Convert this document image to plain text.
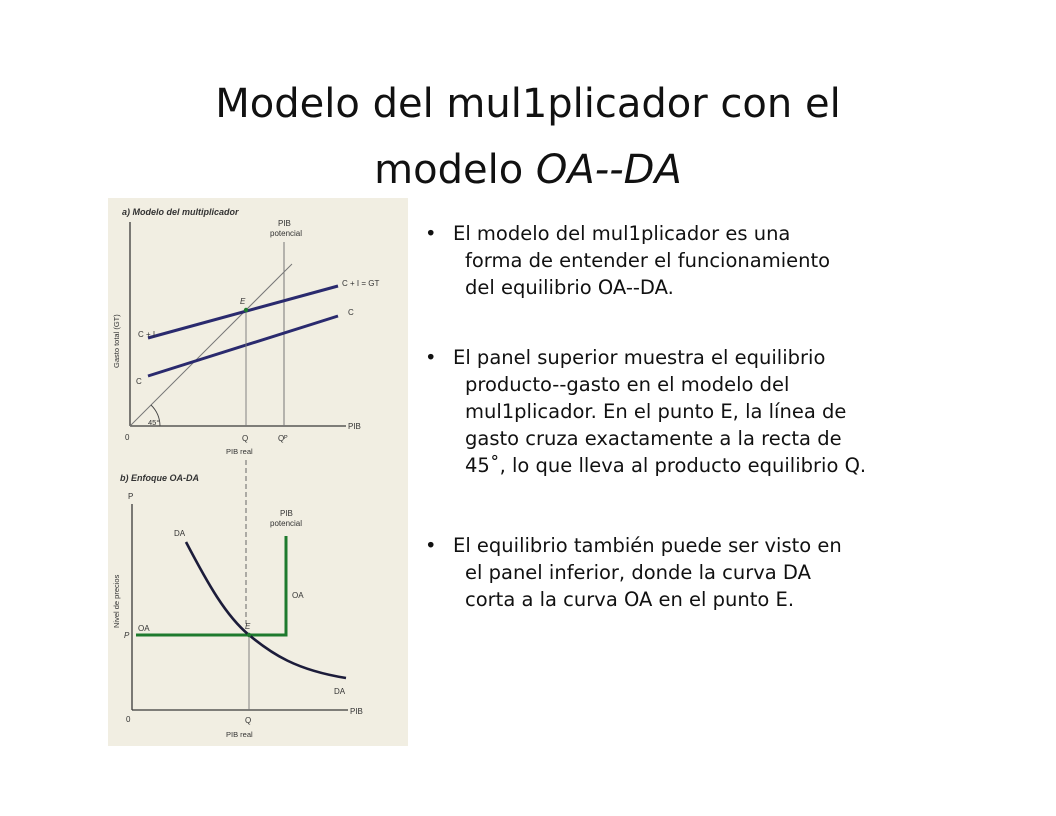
Modelo del mul1plicador con el
modelo OA--DA
a) Modelo del multiplicador
Gasto total (GT)
0
PIB
PIB
potencial
45°
C + I = GT
C
C + I
C
E
Q	Qᴾ
PIB real
b) Enfoque OA-DA
P
Nivel de precios
0
PIB
PIB
potencial
OA
OA
P
DA
DA
E
Q
PIB real
• El modelo del mul1plicador es una
forma de entender el funcionamiento
del equilibrio OA--DA.
• El panel superior muestra el equilibrio
producto--gasto en el modelo del
mul1plicador. En el punto E, la línea de
gasto cruza exactamente a la recta de
45˚, lo que lleva al producto equilibrio Q.
• El equilibrio también puede ser visto en
el panel inferior, donde la curva DA
corta a la curva OA en el punto E.
